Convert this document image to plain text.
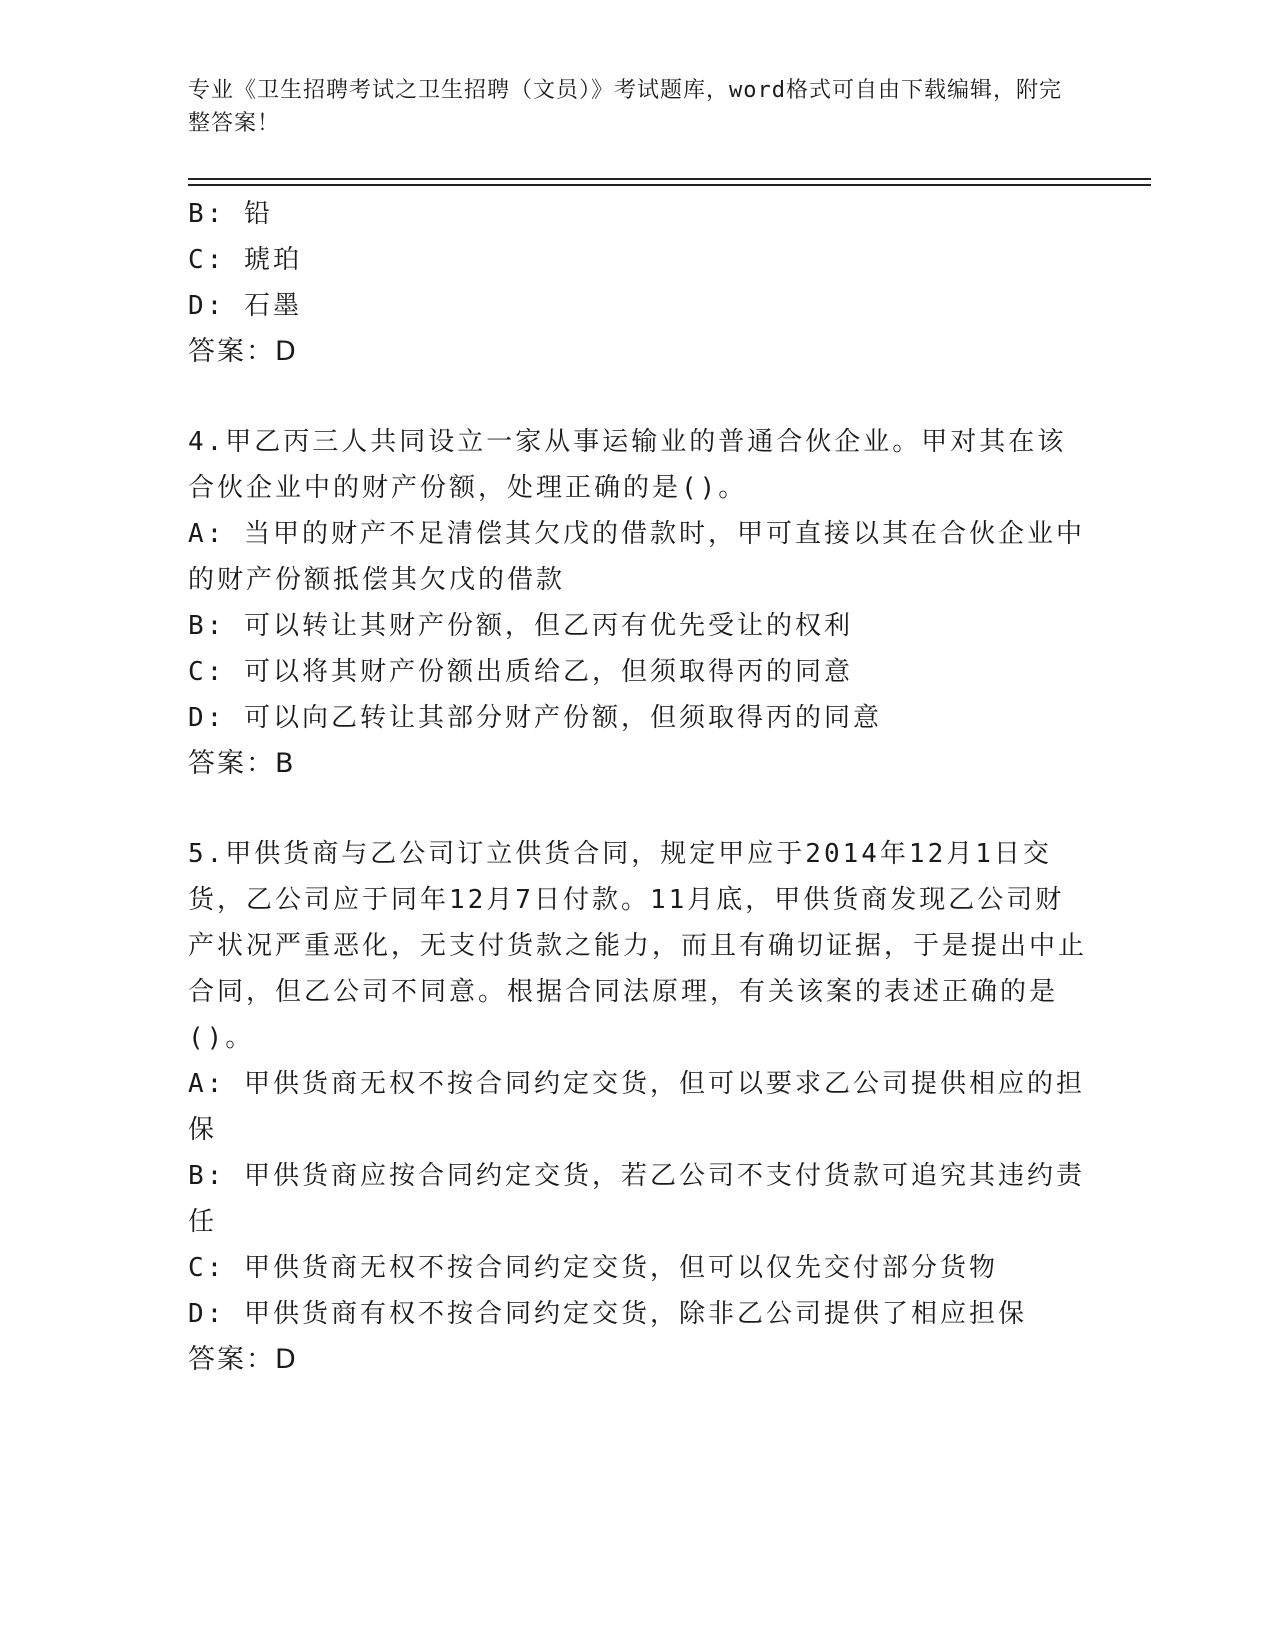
专业《卫生招聘考试之卫生招聘（文员）》考试题库，word格式可自由下载编辑，附完整答案！

B: 铅

C: 琥珀

D: 石墨

答案：D

4.甲乙丙三人共同设立一家从事运输业的普通合伙企业。甲对其在该合伙企业中的财产份额，处理正确的是()。

A: 当甲的财产不足清偿其欠戊的借款时，甲可直接以其在合伙企业中的财产份额抵偿其欠戊的借款

B: 可以转让其财产份额，但乙丙有优先受让的权利

C: 可以将其财产份额出质给乙，但须取得丙的同意

D: 可以向乙转让其部分财产份额，但须取得丙的同意

答案：B

5.甲供货商与乙公司订立供货合同，规定甲应于2014年12月1日交货，乙公司应于同年12月7日付款。11月底，甲供货商发现乙公司财产状况严重恶化，无支付货款之能力，而且有确切证据，于是提出中止合同，但乙公司不同意。根据合同法原理，有关该案的表述正确的是()。

A: 甲供货商无权不按合同约定交货，但可以要求乙公司提供相应的担保

B: 甲供货商应按合同约定交货，若乙公司不支付货款可追究其违约责任

C: 甲供货商无权不按合同约定交货，但可以仅先交付部分货物

D: 甲供货商有权不按合同约定交货，除非乙公司提供了相应担保

答案：D
